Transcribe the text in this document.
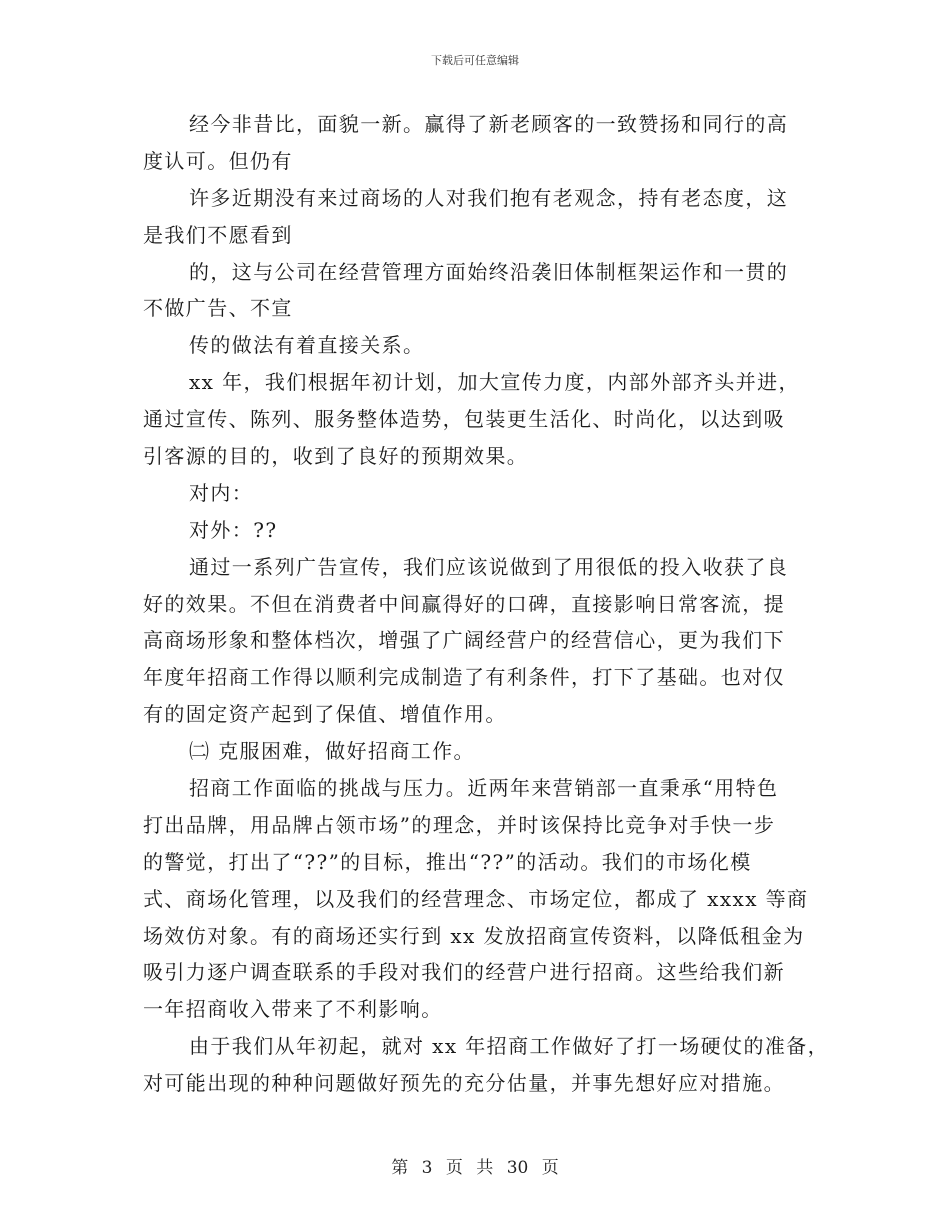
下载后可任意编辑
经今非昔比，面貌一新。赢得了新老顾客的一致赞扬和同行的高
度认可。但仍有
许多近期没有来过商场的人对我们抱有老观念，持有老态度，这
是我们不愿看到
的，这与公司在经营管理方面始终沿袭旧体制框架运作和一贯的
不做广告、不宣
传的做法有着直接关系。
xx 年，我们根据年初计划，加大宣传力度，内部外部齐头并进，
通过宣传、陈列、服务整体造势，包装更生活化、时尚化，以达到吸
引客源的目的，收到了良好的预期效果。
对内：
对外：??
通过一系列广告宣传，我们应该说做到了用很低的投入收获了良
好的效果。不但在消费者中间赢得好的口碑，直接影响日常客流，提
高商场形象和整体档次，增强了广阔经营户的经营信心，更为我们下
年度年招商工作得以顺利完成制造了有利条件，打下了基础。也对仅
有的固定资产起到了保值、增值作用。
㈡ 克服困难，做好招商工作。
招商工作面临的挑战与压力。近两年来营销部一直秉承“用特色
打出品牌，用品牌占领市场”的理念，并时该保持比竞争对手快一步
的警觉，打出了“??”的目标，推出“??”的活动。我们的市场化模
式、商场化管理，以及我们的经营理念、市场定位，都成了 xxxx 等商
场效仿对象。有的商场还实行到 xx 发放招商宣传资料，以降低租金为
吸引力逐户调查联系的手段对我们的经营户进行招商。这些给我们新
一年招商收入带来了不利影响。
由于我们从年初起，就对 xx 年招商工作做好了打一场硬仗的准备，
对可能出现的种种问题做好预先的充分估量，并事先想好应对措施。
第 3 页 共 30 页
